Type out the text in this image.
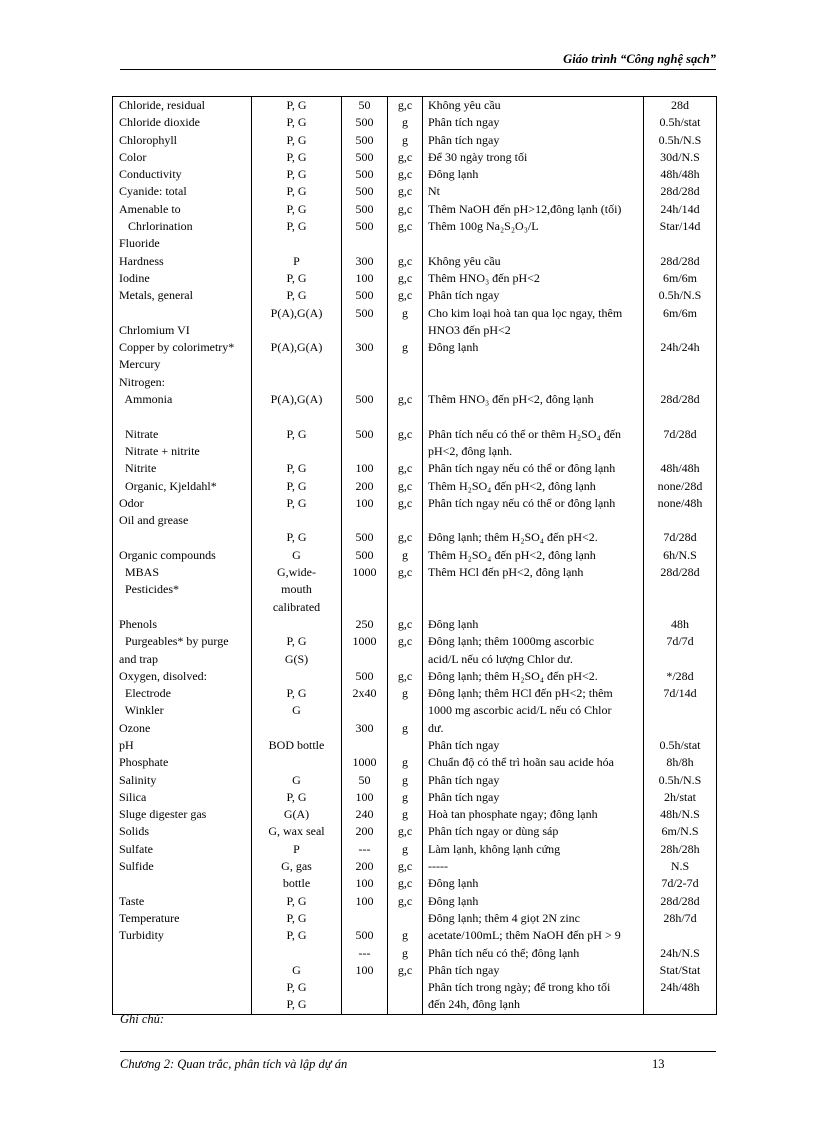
Giáo trình “Công nghệ sạch”
Chloride, residual	P, G	50	g,c	Không yêu cầu	28d
Chloride dioxide	P, G	500	g	Phân tích ngay	0.5h/stat
Chlorophyll	P, G	500	g	Phân tích ngay	0.5h/N.S
Color	P, G	500	g,c	Để 30 ngày trong tối	30d/N.S
Conductivity	P, G	500	g,c	Đông lạnh	48h/48h
Cyanide: total	P, G	500	g,c	Nt	28d/28d
Amenable to	P, G	500	g,c	Thêm NaOH đến pH>12,đông lạnh (tối)	24h/14d
Chrlorination	P, G	500	g,c	Thêm 100g Na₂S₂O₃/L	Star/14d
Fluoride					
Hardness	P	300	g,c	Không yêu cầu	28d/28d
Iodine	P, G	100	g,c	Thêm HNO₃ đến pH<2	6m/6m
Metals, general	P, G	500	g,c	Phân tích ngay	0.5h/N.S
	P(A),G(A)	500	g	Cho kim loại hoà tan qua lọc ngay, thêm	6m/6m
Chrlomium VI				HNO3 đến pH<2	
Copper by colorimetry*	P(A),G(A)	300	g	Đông lạnh	24h/24h
Mercury					
Nitrogen:					
Ammonia	P(A),G(A)	500	g,c	Thêm HNO₃ đến pH<2, đông lạnh	28d/28d

Nitrate	P, G	500	g,c	Phân tích nếu có thể or thêm H₂SO₄ đến	7d/28d
Nitrate + nitrite				pH<2, đông lạnh.	
Nitrite	P, G	100	g,c	Phân tích ngay nếu có thể or đông lạnh	48h/48h
Organic, Kjeldahl*	P, G	200	g,c	Thêm H₂SO₄ đến pH<2, đông lạnh	none/28d
Odor	P, G	100	g,c	Phân tích ngay nếu có thể or đông lạnh	none/48h
Oil and grease					
	P, G	500	g,c	Đông lạnh; thêm H₂SO₄ đến pH<2.	7d/28d
Organic compounds	G	500	g	Thêm H₂SO₄ đến pH<2, đông lạnh	6h/N.S
MBAS	G,wide-	1000	g,c	Thêm HCl đến pH<2, đông lạnh	28d/28d
Pesticides*	mouth				
	calibrated				
Phenols		250	g,c	Đông lạnh	48h
Purgeables* by purge	P, G	1000	g,c	Đông lạnh; thêm 1000mg ascorbic	7d/7d
and trap	G(S)			acid/L nếu có lượng Chlor dư.	
Oxygen, disolved:		500	g,c	Đông lạnh; thêm H₂SO₄ đến pH<2.	*/28d
Electrode	P, G	2x40	g	Đông lạnh; thêm HCl đến pH<2; thêm	7d/14d
Winkler	G			1000 mg ascorbic acid/L nếu có Chlor	
Ozone		300	g	dư.	
pH	BOD bottle			Phân tích ngay	0.5h/stat
Phosphate		1000	g	Chuẩn độ có thể trì hoãn sau acide hóa	8h/8h
Salinity	G	50	g	Phân tích ngay	0.5h/N.S
Silica	P, G	100	g	Phân tích ngay	2h/stat
Sluge digester gas	G(A)	240	g	Hoà tan phosphate ngay; đông lạnh	48h/N.S
Solids	G, wax seal	200	g,c	Phân tích ngay or dùng sáp	6m/N.S
Sulfate	P	---	g	Làm lạnh, không lạnh cứng	28h/28h
Sulfide	G, gas	200	g,c	-----	N.S
	bottle	100	g,c	Đông lạnh	7d/2-7d
Taste	P, G	100	g,c	Đông lạnh	28d/28d
Temperature	P, G			Đông lạnh; thêm 4 giọt 2N zinc	28h/7d
Turbidity	P, G	500	g	acetate/100mL; thêm NaOH đến pH > 9	
		---	g	Phân tích nếu có thể; đông lạnh	24h/N.S
	G	100	g,c	Phân tích ngay	Stat/Stat
	P, G			Phân tích trong ngày; để trong kho tối	24h/48h
	P, G			đến 24h, đông lạnh	
Ghi chú:
Chương 2: Quan trắc, phân tích và lập dự án	13
